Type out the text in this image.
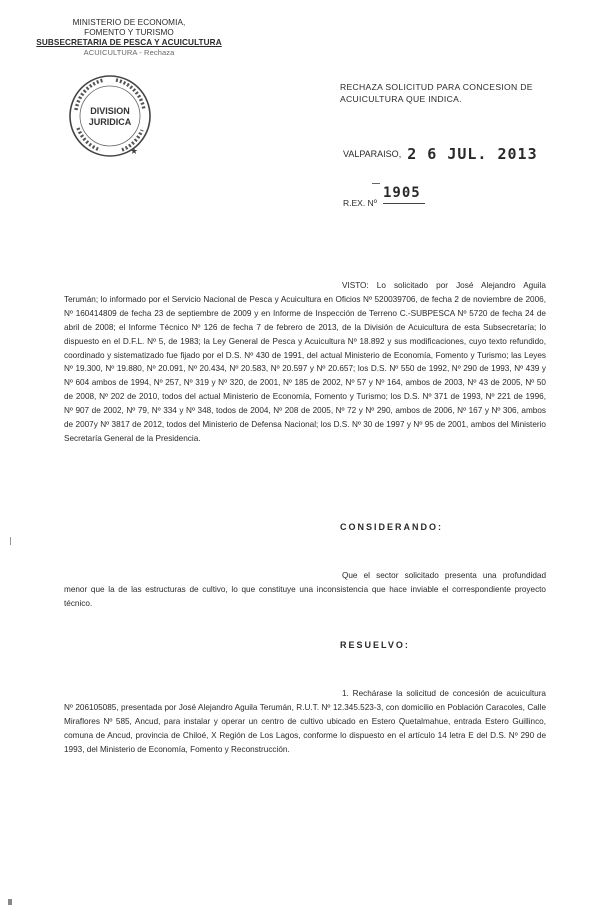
MINISTERIO DE ECONOMIA,
FOMENTO Y TURISMO
SUBSECRETARIA DE PESCA Y ACUICULTURA
ACUICULTURA - Rechaza
★
DIVISION
JURIDICA
RECHAZA SOLICITUD PARA CONCESION DE ACUICULTURA QUE INDICA.
VALPARAISO, 2 6 JUL. 2013
1905
R.EX. Nº
VISTO: Lo solicitado por José Alejandro Aguila Terumán; lo informado por el Servicio Nacional de Pesca y Acuicultura en Oficios Nº 520039706, de fecha 2 de noviembre de 2006, Nº 160414809 de fecha 23 de septiembre de 2009 y en Informe de Inspección de Terreno C.-SUBPESCA Nº 5720 de fecha 24 de abril de 2008; el Informe Técnico Nº 126 de fecha 7 de febrero de 2013, de la División de Acuicultura de esta Subsecretaría; lo dispuesto en el D.F.L. Nº 5, de 1983; la Ley General de Pesca y Acuicultura Nº 18.892 y sus modificaciones, cuyo texto refundido, coordinado y sistematizado fue fijado por el D.S. Nº 430 de 1991, del actual Ministerio de Economía, Fomento y Turismo; las Leyes Nº 19.300, Nº 19.880, Nº 20.091, Nº 20.434, Nº 20.583, Nº 20.597 y Nº 20.657; los D.S. Nº 550 de 1992, Nº 290 de 1993, Nº 439 y Nº 604 ambos de 1994, Nº 257, Nº 319 y Nº 320, de 2001, Nº 185 de 2002, Nº 57 y Nº 164, ambos de 2003, Nº 43 de 2005, Nº 50 de 2008, Nº 202 de 2010, todos del actual Ministerio de Economía, Fomento y Turismo; los D.S. Nº 371 de 1993, Nº 221 de 1996, Nº 907 de 2002, Nº 79, Nº 334 y Nº 348, todos de 2004, Nº 208 de 2005, Nº 72 y Nº 290, ambos de 2006, Nº 167 y Nº 306, ambos de 2007y Nº 3817 de 2012, todos del Ministerio de Defensa Nacional; los D.S. Nº 30 de 1997 y Nº 95 de 2001, ambos del Ministerio Secretaría General de la Presidencia.
CONSIDERANDO:
Que el sector solicitado presenta una profundidad menor que la de las estructuras de cultivo, lo que constituye una inconsistencia que hace inviable el correspondiente proyecto técnico.
RESUELVO:
1. Rechárase la solicitud de concesión de acuicultura Nº 206105085, presentada por José Alejandro Aguila Terumán, R.U.T. Nº 12.345.523-3, con domicilio en Población Caracoles, Calle Miraflores Nº 585, Ancud, para instalar y operar un centro de cultivo ubicado en Estero Quetalmahue, entrada Estero Guillinco, comuna de Ancud, provincia de Chiloé, X Región de Los Lagos, conforme lo dispuesto en el artículo 14 letra E del D.S. Nº 290 de 1993, del Ministerio de Economía, Fomento y Reconstrucción.
